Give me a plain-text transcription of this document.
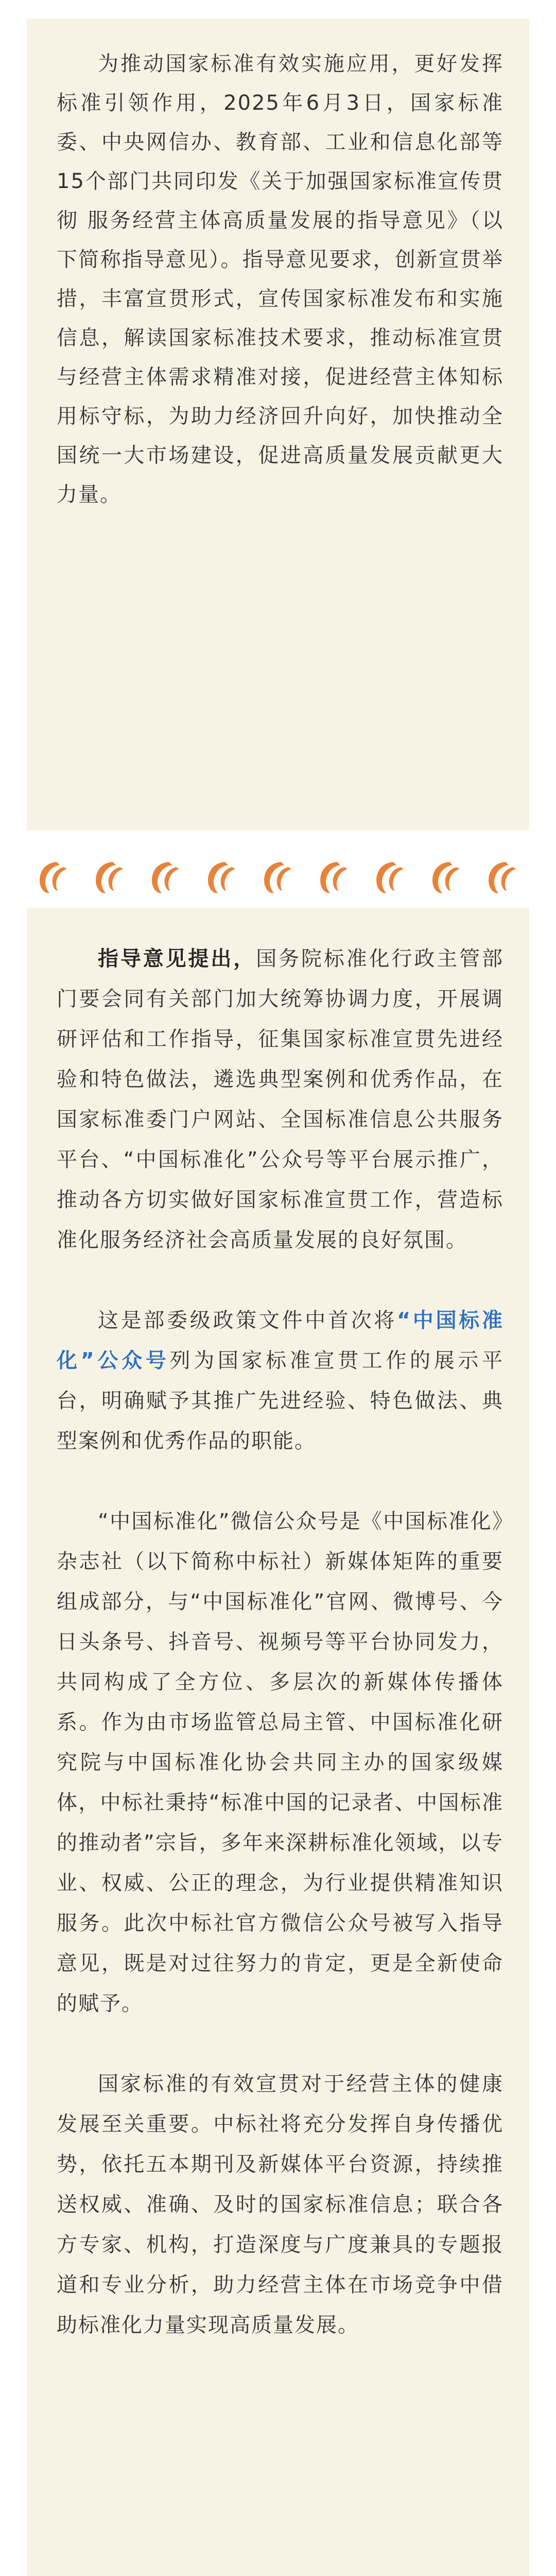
为推动国家标准有效实施应用，更好发挥标准引领作用，2025年6月3日，国家标准委、中央网信办、教育部、工业和信息化部等15个部门共同印发《关于加强国家标准宣传贯彻 服务经营主体高质量发展的指导意见》（以下简称指导意见）。指导意见要求，创新宣贯举措，丰富宣贯形式，宣传国家标准发布和实施信息，解读国家标准技术要求，推动标准宣贯与经营主体需求精准对接，促进经营主体知标用标守标，为助力经济回升向好，加快推动全国统一大市场建设，促进高质量发展贡献更大力量。

指导意见提出，国务院标准化行政主管部门要会同有关部门加大统筹协调力度，开展调研评估和工作指导，征集国家标准宣贯先进经验和特色做法，遴选典型案例和优秀作品，在国家标准委门户网站、全国标准信息公共服务平台、“中国标准化”公众号等平台展示推广，推动各方切实做好国家标准宣贯工作，营造标准化服务经济社会高质量发展的良好氛围。

这是部委级政策文件中首次将“中国标准化”公众号列为国家标准宣贯工作的展示平台，明确赋予其推广先进经验、特色做法、典型案例和优秀作品的职能。

“中国标准化”微信公众号是《中国标准化》杂志社（以下简称中标社）新媒体矩阵的重要组成部分，与“中国标准化”官网、微博号、今日头条号、抖音号、视频号等平台协同发力，共同构成了全方位、多层次的新媒体传播体系。作为由市场监管总局主管、中国标准化研究院与中国标准化协会共同主办的国家级媒体，中标社秉持“标准中国的记录者、中国标准的推动者”宗旨，多年来深耕标准化领域，以专业、权威、公正的理念，为行业提供精准知识服务。此次中标社官方微信公众号被写入指导意见，既是对过往努力的肯定，更是全新使命的赋予。

国家标准的有效宣贯对于经营主体的健康发展至关重要。中标社将充分发挥自身传播优势，依托五本期刊及新媒体平台资源，持续推送权威、准确、及时的国家标准信息；联合各方专家、机构，打造深度与广度兼具的专题报道和专业分析，助力经营主体在市场竞争中借助标准化力量实现高质量发展。
